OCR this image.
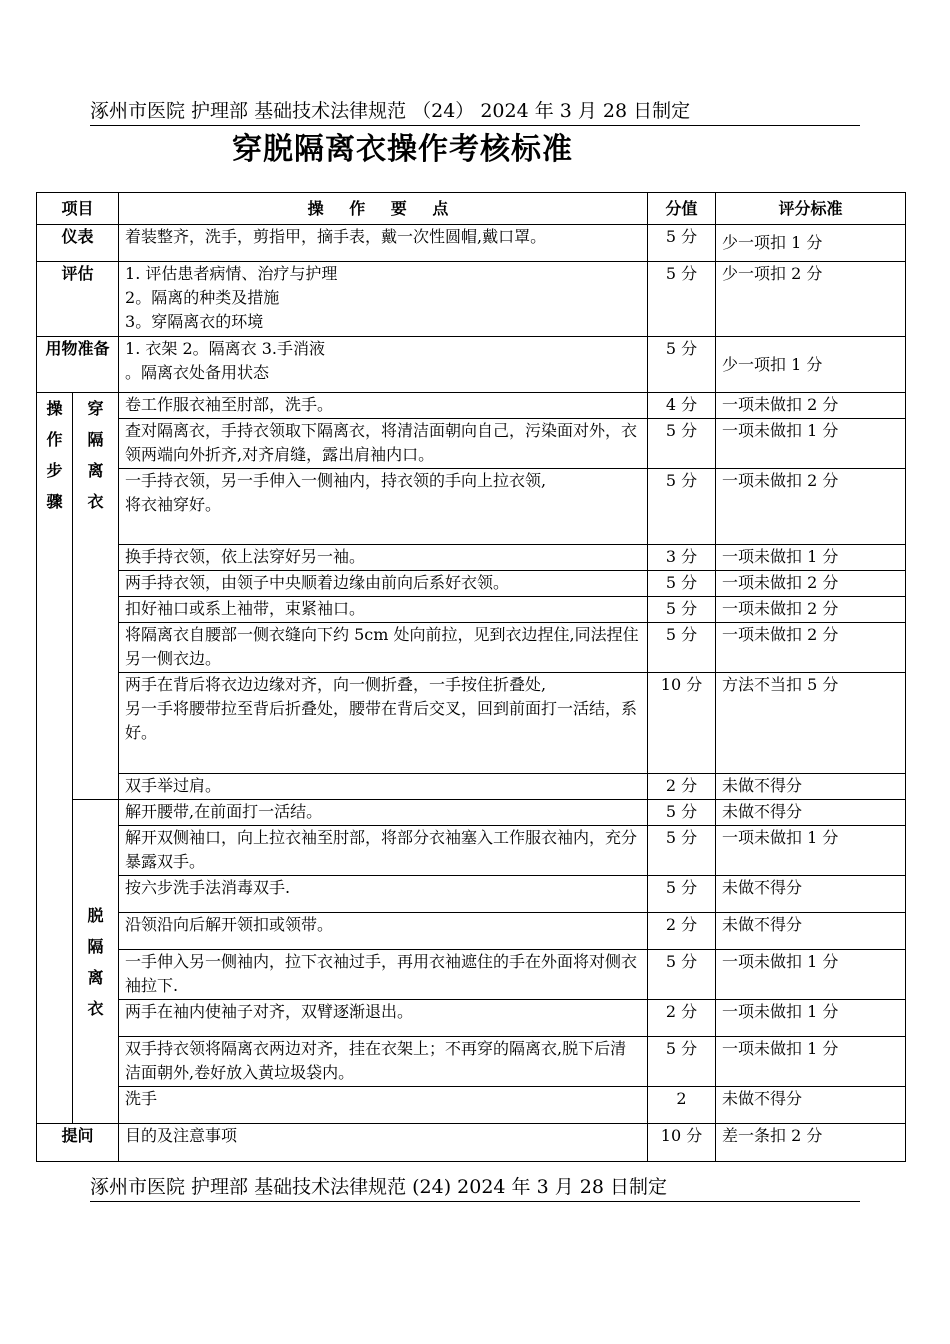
涿州市医院 护理部 基础技术法律规范 （24） 2024 年 3 月 28 日制定
穿脱隔离衣操作考核标准
项目		操 作 要 点	分值	评分标准
仪表		着装整齐，洗手，剪指甲，摘手表，戴一次性圆帽,戴口罩。	5 分	少一项扣 1 分
评估		1. 评估患者病情、治疗与护理
2。隔离的种类及措施
3。穿隔离衣的环境	5 分	少一项扣 2 分
用物准备		1. 衣架 2。隔离衣 3.手消液
。隔离衣处备用状态	5 分	少一项扣 1 分

操
作
步
骤	穿
隔
离
衣	卷工作服衣袖至肘部，洗手。	4 分	一项未做扣 2 分

		查对隔离衣，手持衣领取下隔离衣，将清洁面朝向自己，污染面对外，衣领两端向外折齐,对齐肩缝，露出肩袖内口。	5 分	一项未做扣 1 分

		一手持衣领，另一手伸入一侧袖内，持衣领的手向上拉衣领,
将衣袖穿好。	5 分	一项未做扣 2 分

		换手持衣领，依上法穿好另一袖。	3 分	一项未做扣 1 分

		两手持衣领，由领子中央顺着边缘由前向后系好衣领。	5 分	一项未做扣 2 分

		扣好袖口或系上袖带，束紧袖口。	5 分	一项未做扣 2 分

		将隔离衣自腰部一侧衣缝向下约 5cm 处向前拉，见到衣边捏住,同法捏住另一侧衣边。	5 分	一项未做扣 2 分

		两手在背后将衣边边缘对齐，向一侧折叠，一手按住折叠处,
另一手将腰带拉至背后折叠处，腰带在背后交叉，回到前面打一活结，系好。	10 分	方法不当扣 5 分

		双手举过肩。	2 分	未做不得分

	脱
隔
离
衣	解开腰带,在前面打一活结。	5 分	未做不得分

		解开双侧袖口，向上拉衣袖至肘部，将部分衣袖塞入工作服衣袖内，充分暴露双手。	5 分	一项未做扣 1 分

		按六步洗手法消毒双手.	5 分	未做不得分

		沿领沿向后解开领扣或领带。	2 分	未做不得分

		一手伸入另一侧袖内，拉下衣袖过手，再用衣袖遮住的手在外面将对侧衣袖拉下.	5 分	一项未做扣 1 分

		两手在袖内使袖子对齐，双臂逐渐退出。	2 分	一项未做扣 1 分

		双手持衣领将隔离衣两边对齐，挂在衣架上；不再穿的隔离衣,脱下后清洁面朝外,卷好放入黄垃圾袋内。	5 分	一项未做扣 1 分

		洗手	2	未做不得分
提问		目的及注意事项	10 分	差一条扣 2 分
涿州市医院 护理部 基础技术法律规范 (24) 2024 年 3 月 28 日制定
